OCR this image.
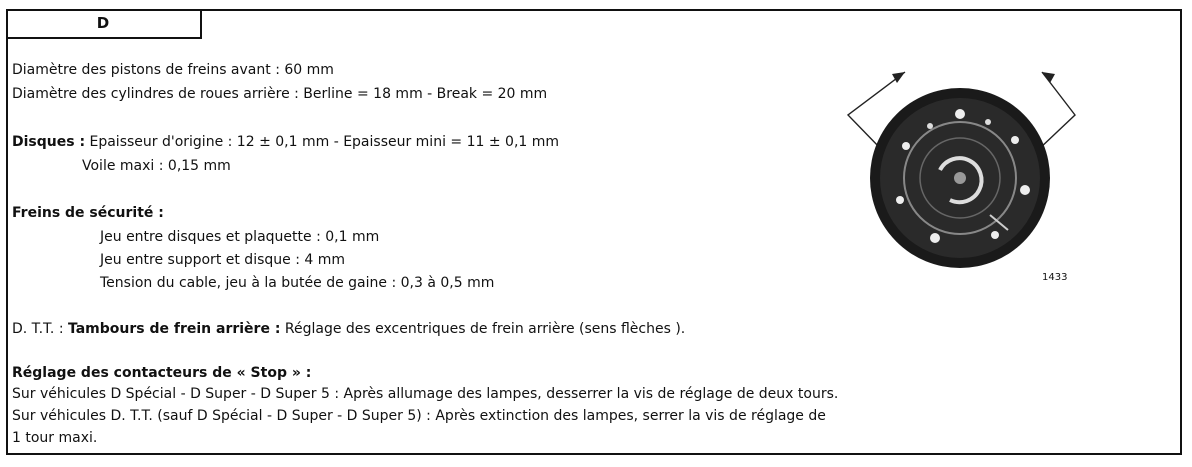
D
Diamètre des pistons de freins avant : 60 mm
Diamètre des cylindres de roues arrière : Berline = 18 mm - Break = 20 mm
Disques : Epaisseur d'origine : 12 ± 0,1 mm - Epaisseur mini = 11 ± 0,1 mm
Voile maxi : 0,15 mm
Freins de sécurité :
Jeu entre disques et plaquette : 0,1 mm
Jeu entre support et disque : 4 mm
Tension du cable, jeu à la butée de gaine : 0,3 à 0,5 mm
D. T.T. : Tambours de frein arrière : Réglage des excentriques de frein arrière (sens flèches ).
Réglage des contacteurs de « Stop » :
Sur véhicules D Spécial - D Super - D Super 5 : Après allumage des lampes, desserrer la vis de réglage de deux tours.
Sur véhicules D. T.T. (sauf D Spécial - D Super - D Super 5) : Après extinction des lampes, serrer la vis de réglage de
1 tour maxi.
1433
